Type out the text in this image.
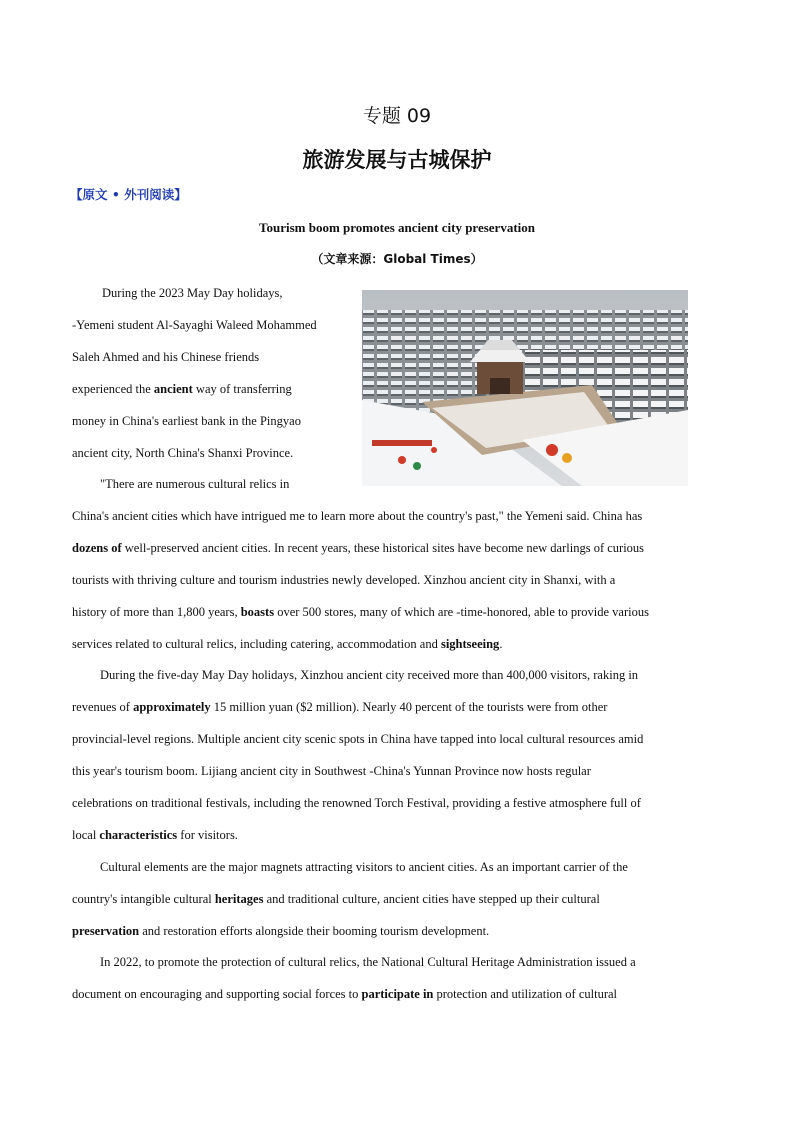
专题 09
旅游发展与古城保护
【原文 • 外刊阅读】
Tourism boom promotes ancient city preservation
（文章来源：Global Times）
During the 2023 May Day holidays,
-Yemeni student Al-Sayaghi Waleed Mohammed
Saleh Ahmed and his Chinese friends
experienced the ancient way of transferring
money in China's earliest bank in the Pingyao
ancient city, North China's Shanxi Province.
"There are numerous cultural relics in
China's ancient cities which have intrigued me to learn more about the country's past," the Yemeni said. China has
dozens of well-preserved ancient cities. In recent years, these historical sites have become new darlings of curious
tourists with thriving culture and tourism industries newly developed. Xinzhou ancient city in Shanxi, with a
history of more than 1,800 years, boasts over 500 stores, many of which are -time-honored, able to provide various
services related to cultural relics, including catering, accommodation and sightseeing.
During the five-day May Day holidays, Xinzhou ancient city received more than 400,000 visitors, raking in
revenues of approximately 15 million yuan ($2 million). Nearly 40 percent of the tourists were from other
provincial-level regions. Multiple ancient city scenic spots in China have tapped into local cultural resources amid
this year's tourism boom. Lijiang ancient city in Southwest -China's Yunnan Province now hosts regular
celebrations on traditional festivals, including the renowned Torch Festival, providing a festive atmosphere full of
local characteristics for visitors.
Cultural elements are the major magnets attracting visitors to ancient cities. As an important carrier of the
country's intangible cultural heritages and traditional culture, ancient cities have stepped up their cultural
preservation and restoration efforts alongside their booming tourism development.
In 2022, to promote the protection of cultural relics, the National Cultural Heritage Administration issued a
document on encouraging and supporting social forces to participate in protection and utilization of cultural
